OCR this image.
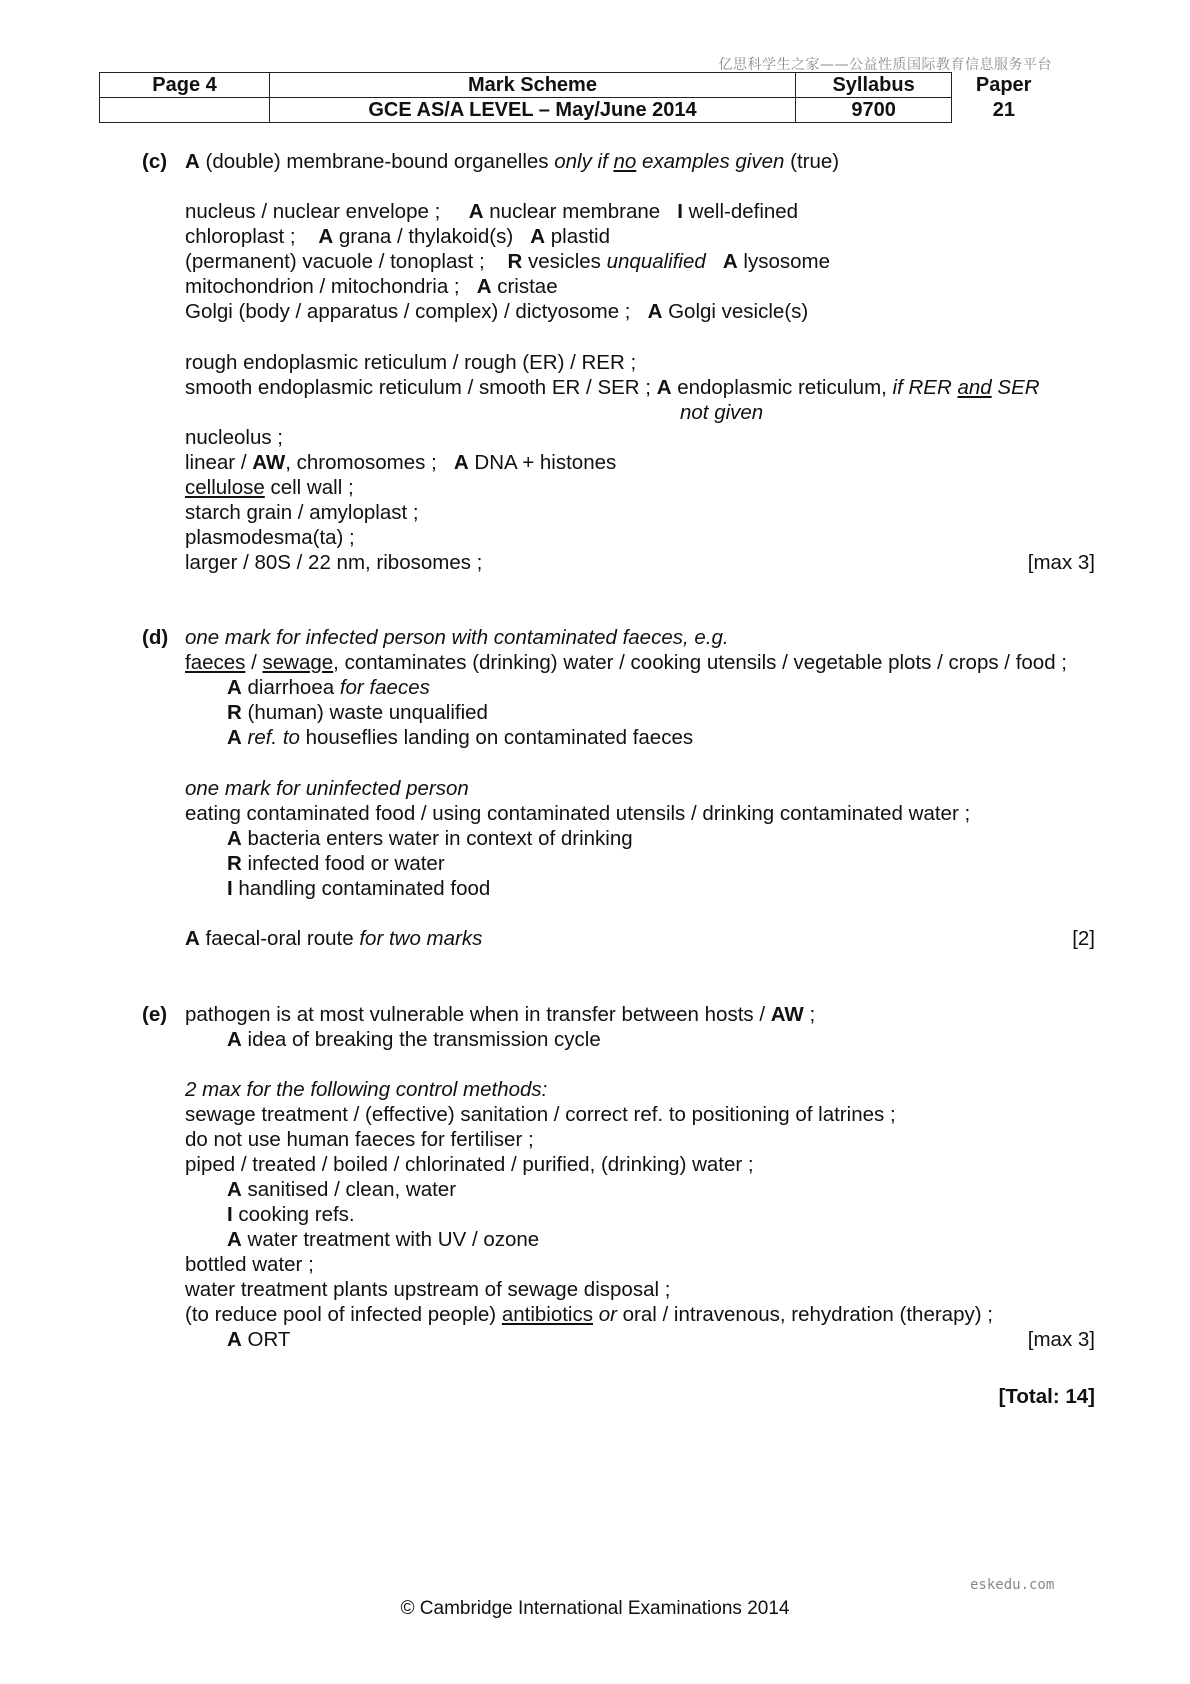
亿思科学生之家——公益性质国际教育信息服务平台
Page 4	Mark Scheme	Syllabus	Paper
	GCE AS/A LEVEL – May/June 2014	9700	21
(c) A (double) membrane-bound organelles only if no examples given (true)
nucleus / nuclear envelope ;     A nuclear membrane   I well-defined
chloroplast ;    A grana / thylakoid(s)   A plastid
(permanent) vacuole / tonoplast ;    R vesicles unqualified A lysosome
mitochondrion / mitochondria ;   A cristae
Golgi (body / apparatus / complex) / dictyosome ;   A Golgi vesicle(s)
rough endoplasmic reticulum / rough (ER) / RER ;
smooth endoplasmic reticulum / smooth ER / SER ; A endoplasmic reticulum, if RER and SER
not given
nucleolus ;
linear / AW, chromosomes ;   A DNA + histones
cellulose cell wall ;
starch grain / amyloplast ;
plasmodesma(ta) ;
larger / 80S / 22 nm, ribosomes ;	[max 3]
(d) one mark for infected person with contaminated faeces, e.g.
faeces / sewage, contaminates (drinking) water / cooking utensils / vegetable plots / crops / food ;
A diarrhoea for faeces
R (human) waste unqualified
A ref. to houseflies landing on contaminated faeces
one mark for uninfected person
eating contaminated food / using contaminated utensils / drinking contaminated water ;
A bacteria enters water in context of drinking
R infected food or water
I handling contaminated food
A faecal-oral route for two marks	[2]
(e) pathogen is at most vulnerable when in transfer between hosts / AW ;
A idea of breaking the transmission cycle
2 max for the following control methods:
sewage treatment / (effective) sanitation / correct ref. to positioning of latrines ;
do not use human faeces for fertiliser ;
piped / treated / boiled / chlorinated / purified, (drinking) water ;
A sanitised / clean, water
I cooking refs.
A water treatment with UV / ozone
bottled water ;
water treatment plants upstream of sewage disposal ;
(to reduce pool of infected people) antibiotics or oral / intravenous, rehydration (therapy) ;
A ORT	[max 3]
[Total: 14]
eskedu.com
© Cambridge International Examinations 2014
